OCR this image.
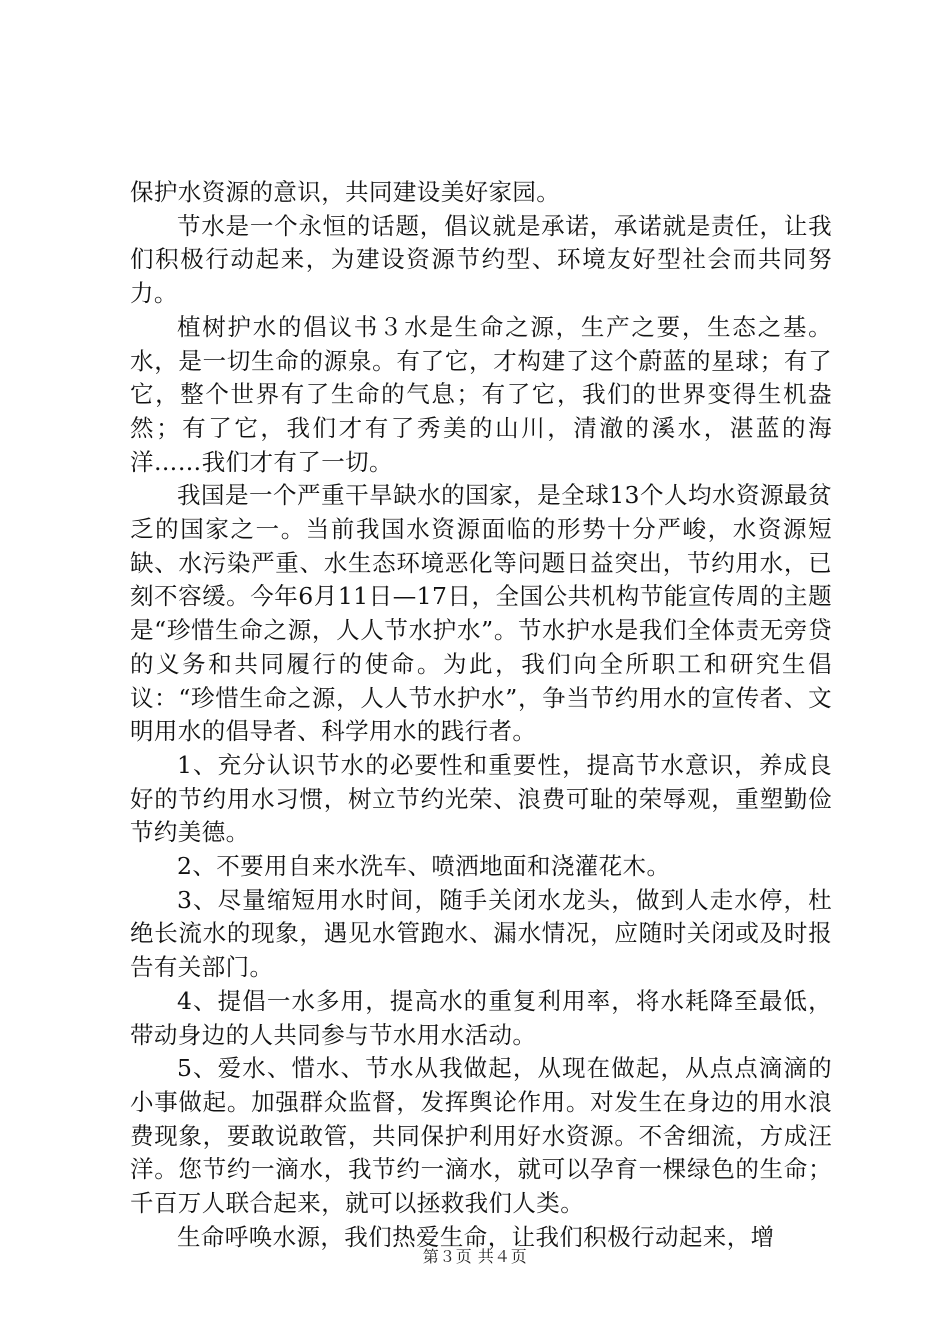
保护水资源的意识，共同建设美好家园。

节水是一个永恒的话题，倡议就是承诺，承诺就是责任，让我们积极行动起来，为建设资源节约型、环境友好型社会而共同努力。

植树护水的倡议书３水是生命之源，生产之要，生态之基。水，是一切生命的源泉。有了它，才构建了这个蔚蓝的星球；有了它，整个世界有了生命的气息；有了它，我们的世界变得生机盎然；有了它，我们才有了秀美的山川，清澈的溪水，湛蓝的海洋……我们才有了一切。

我国是一个严重干旱缺水的国家，是全球13个人均水资源最贫乏的国家之一。当前我国水资源面临的形势十分严峻，水资源短缺、水污染严重、水生态环境恶化等问题日益突出，节约用水，已刻不容缓。今年6月11日—17日，全国公共机构节能宣传周的主题是“珍惜生命之源，人人节水护水”。节水护水是我们全体责无旁贷的义务和共同履行的使命。为此，我们向全所职工和研究生倡议：“珍惜生命之源，人人节水护水”，争当节约用水的宣传者、文明用水的倡导者、科学用水的践行者。

1、充分认识节水的必要性和重要性，提高节水意识，养成良好的节约用水习惯，树立节约光荣、浪费可耻的荣辱观，重塑勤俭节约美德。

2、不要用自来水洗车、喷洒地面和浇灌花木。

3、尽量缩短用水时间，随手关闭水龙头，做到人走水停，杜绝长流水的现象，遇见水管跑水、漏水情况，应随时关闭或及时报告有关部门。

4、提倡一水多用，提高水的重复利用率，将水耗降至最低，带动身边的人共同参与节水用水活动。

5、爱水、惜水、节水从我做起，从现在做起，从点点滴滴的小事做起。加强群众监督，发挥舆论作用。对发生在身边的用水浪费现象，要敢说敢管，共同保护利用好水资源。不舍细流，方成汪洋。您节约一滴水，我节约一滴水，就可以孕育一棵绿色的生命；千百万人联合起来，就可以拯救我们人类。

生命呼唤水源，我们热爱生命，让我们积极行动起来，增

第３页 共４页
